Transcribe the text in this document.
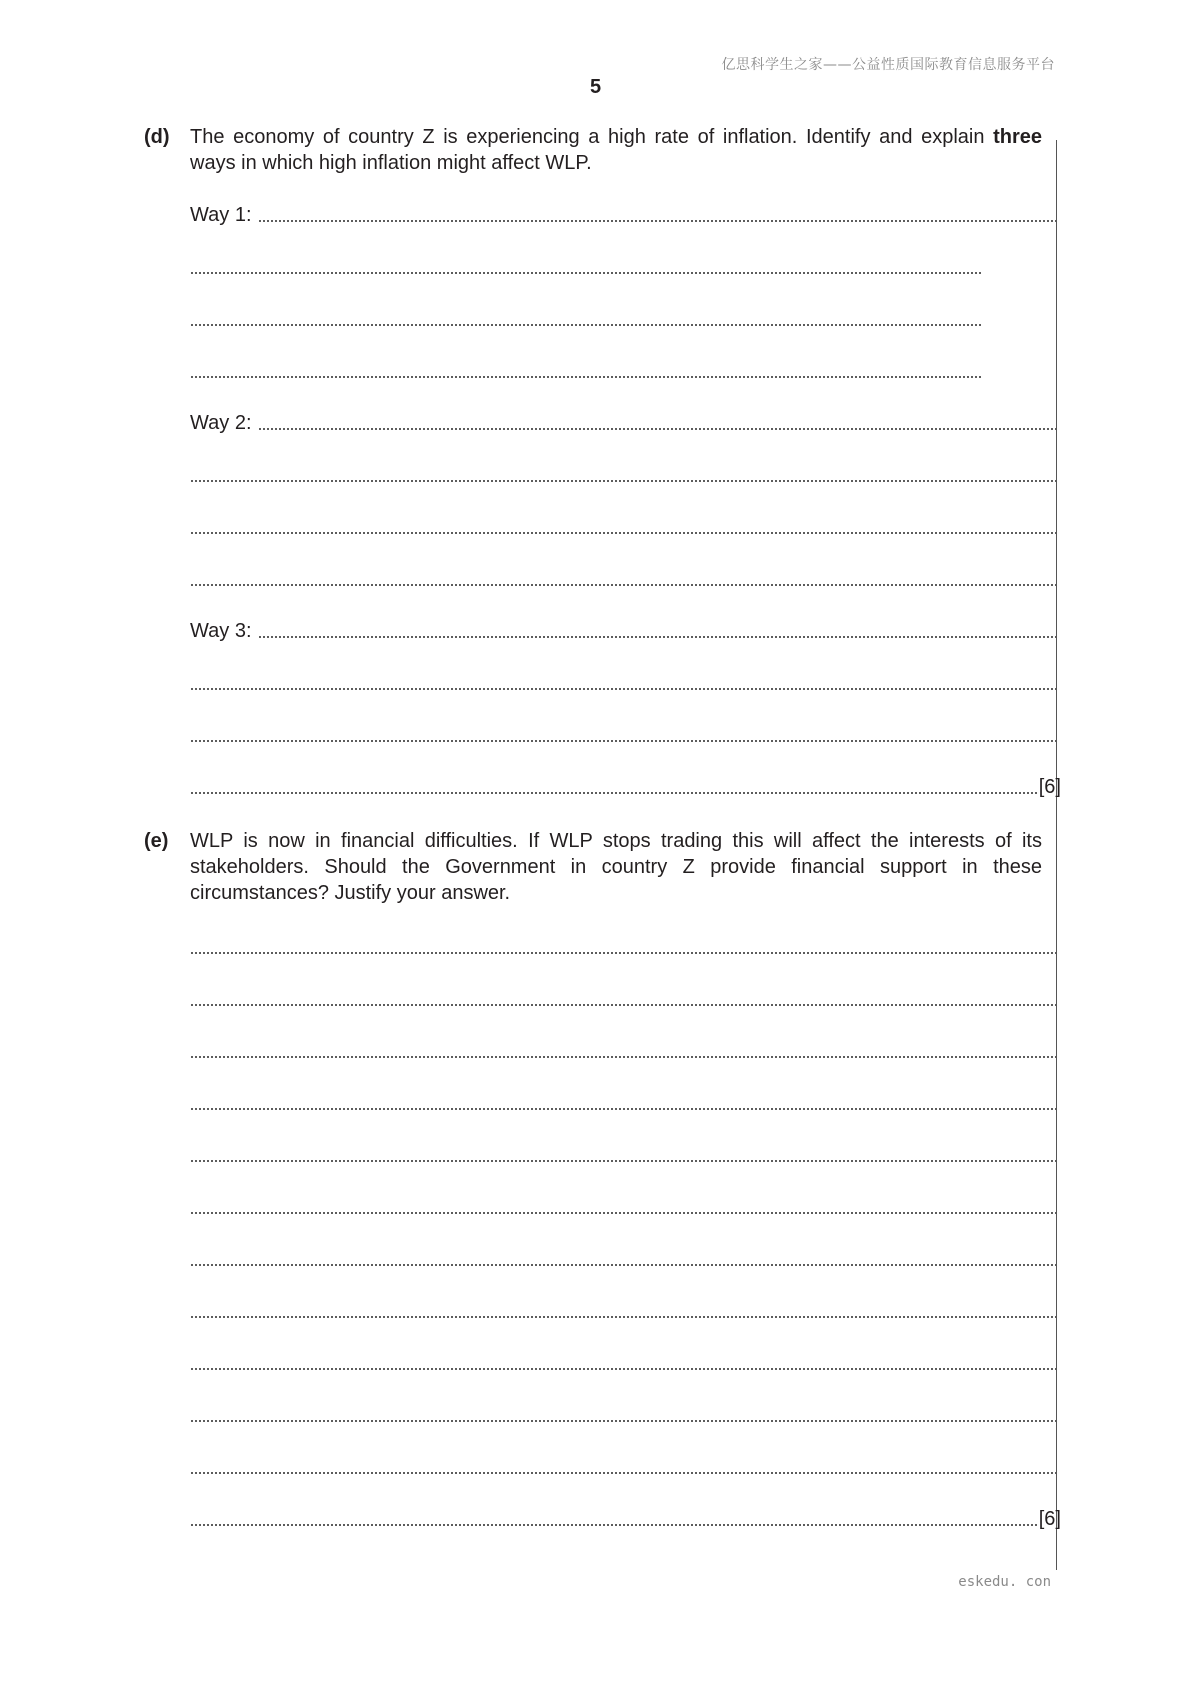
亿思科学生之家——公益性质国际教育信息服务平台
5
(d) The economy of country Z is experiencing a high rate of inflation. Identify and explain three ways in which high inflation might affect WLP.
Way 1:
Way 2:
Way 3:
[6]
(e) WLP is now in financial difficulties. If WLP stops trading this will affect the interests of its stakeholders. Should the Government in country Z provide financial support in these circumstances? Justify your answer.
[6]
eskedu. con
